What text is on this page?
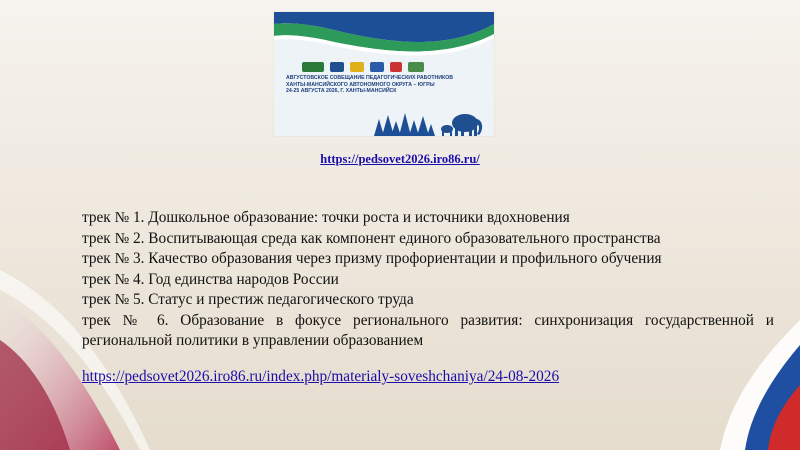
АВГУСТОВСКОЕ СОВЕЩАНИЕ ПЕДАГОГИЧЕСКИХ РАБОТНИКОВ
ХАНТЫ-МАНСИЙСКОГО АВТОНОМНОГО ОКРУГА – ЮГРЫ
24-25 АВГУСТА 2026, Г. ХАНТЫ-МАНСИЙСК
https://pedsovet2026.iro86.ru/

трек № 1. Дошкольное образование: точки роста и источники вдохновения

трек № 2. Воспитывающая среда как компонент единого образовательного пространства

трек № 3. Качество образования через призму профориентации и профильного обучения

трек № 4. Год единства народов России

трек № 5. Статус и престиж педагогического труда

трек № 6. Образование в фокусе регионального развития: синхронизация государственной и региональной политики в управлении образованием

https://pedsovet2026.iro86.ru/index.php/materialy-soveshchaniya/24-08-2026
